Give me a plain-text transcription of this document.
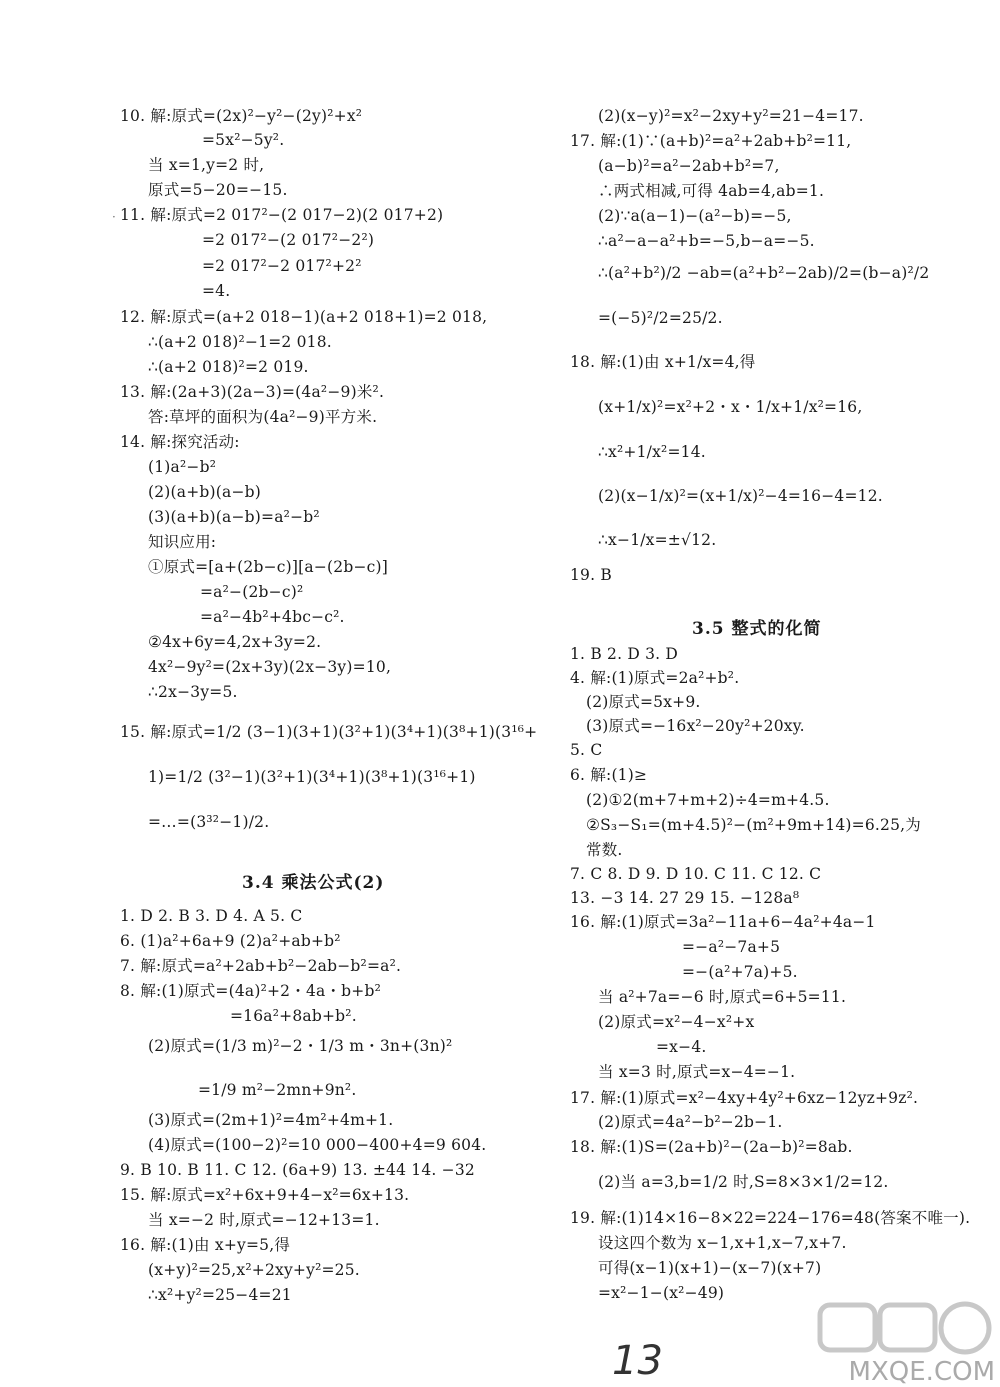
10. 解:原式=(2x)²−y²−(2y)²+x²
=5x²−5y².
当 x=1,y=2 时,
原式=5−20=−15.
11. 解:原式=2 017²−(2 017−2)(2 017+2)
=2 017²−(2 017²−2²)
=2 017²−2 017²+2²
=4.
12. 解:原式=(a+2 018−1)(a+2 018+1)=2 018,
∴(a+2 018)²−1=2 018.
∴(a+2 018)²=2 019.
13. 解:(2a+3)(2a−3)=(4a²−9)米².
答:草坪的面积为(4a²−9)平方米.
14. 解:探究活动:
(1)a²−b²
(2)(a+b)(a−b)
(3)(a+b)(a−b)=a²−b²
知识应用:
①原式=[a+(2b−c)][a−(2b−c)]
=a²−(2b−c)²
=a²−4b²+4bc−c².
②4x+6y=4,2x+3y=2.
4x²−9y²=(2x+3y)(2x−3y)=10,
∴2x−3y=5.
15. 解:原式=1/2 (3−1)(3+1)(3²+1)(3⁴+1)(3⁸+1)(3¹⁶+
1)=1/2 (3²−1)(3²+1)(3⁴+1)(3⁸+1)(3¹⁶+1)
=…=(3³²−1)/2.
1. D 2. B 3. D 4. A 5. C
6. (1)a²+6a+9 (2)a²+ab+b²
7. 解:原式=a²+2ab+b²−2ab−b²=a².
8. 解:(1)原式=(4a)²+2・4a・b+b²
=16a²+8ab+b².
(2)原式=(1/3 m)²−2・1/3 m・3n+(3n)²
=1/9 m²−2mn+9n².
(3)原式=(2m+1)²=4m²+4m+1.
(4)原式=(100−2)²=10 000−400+4=9 604.
9. B 10. B 11. C 12. (6a+9) 13. ±44 14. −32
15. 解:原式=x²+6x+9+4−x²=6x+13.
当 x=−2 时,原式=−12+13=1.
16. 解:(1)由 x+y=5,得
(x+y)²=25,x²+2xy+y²=25.
∴x²+y²=25−4=21
(2)(x−y)²=x²−2xy+y²=21−4=17.
17. 解:(1)∵(a+b)²=a²+2ab+b²=11,
(a−b)²=a²−2ab+b²=7,
∴两式相减,可得 4ab=4,ab=1.
(2)∵a(a−1)−(a²−b)=−5,
∴a²−a−a²+b=−5,b−a=−5.
∴(a²+b²)/2 −ab=(a²+b²−2ab)/2=(b−a)²/2
=(−5)²/2=25/2.
18. 解:(1)由 x+1/x=4,得
(x+1/x)²=x²+2・x・1/x+1/x²=16,
∴x²+1/x²=14.
(2)(x−1/x)²=(x+1/x)²−4=16−4=12.
∴x−1/x=±√12.
19. B
1. B 2. D 3. D
4. 解:(1)原式=2a²+b².
(2)原式=5x+9.
(3)原式=−16x²−20y²+20xy.
5. C
6. 解:(1)≥
(2)①2(m+7+m+2)÷4=m+4.5.
②S₃−S₁=(m+4.5)²−(m²+9m+14)=6.25,为
常数.
7. C 8. D 9. D 10. C 11. C 12. C
13. −3 14. 27 29 15. −128a⁸
16. 解:(1)原式=3a²−11a+6−4a²+4a−1
=−a²−7a+5
=−(a²+7a)+5.
当 a²+7a=−6 时,原式=6+5=11.
(2)原式=x²−4−x²+x
=x−4.
当 x=3 时,原式=x−4=−1.
17. 解:(1)原式=x²−4xy+4y²+6xz−12yz+9z².
(2)原式=4a²−b²−2b−1.
18. 解:(1)S=(2a+b)²−(2a−b)²=8ab.
(2)当 a=3,b=1/2 时,S=8×3×1/2=12.
19. 解:(1)14×16−8×22=224−176=48(答案不唯一).
设这四个数为 x−1,x+1,x−7,x+7.
可得(x−1)(x+1)−(x−7)(x+7)
=x²−1−(x²−49)
3.4 乘法公式(2)
3.5 整式的化简
·
13	MXQE.COM
